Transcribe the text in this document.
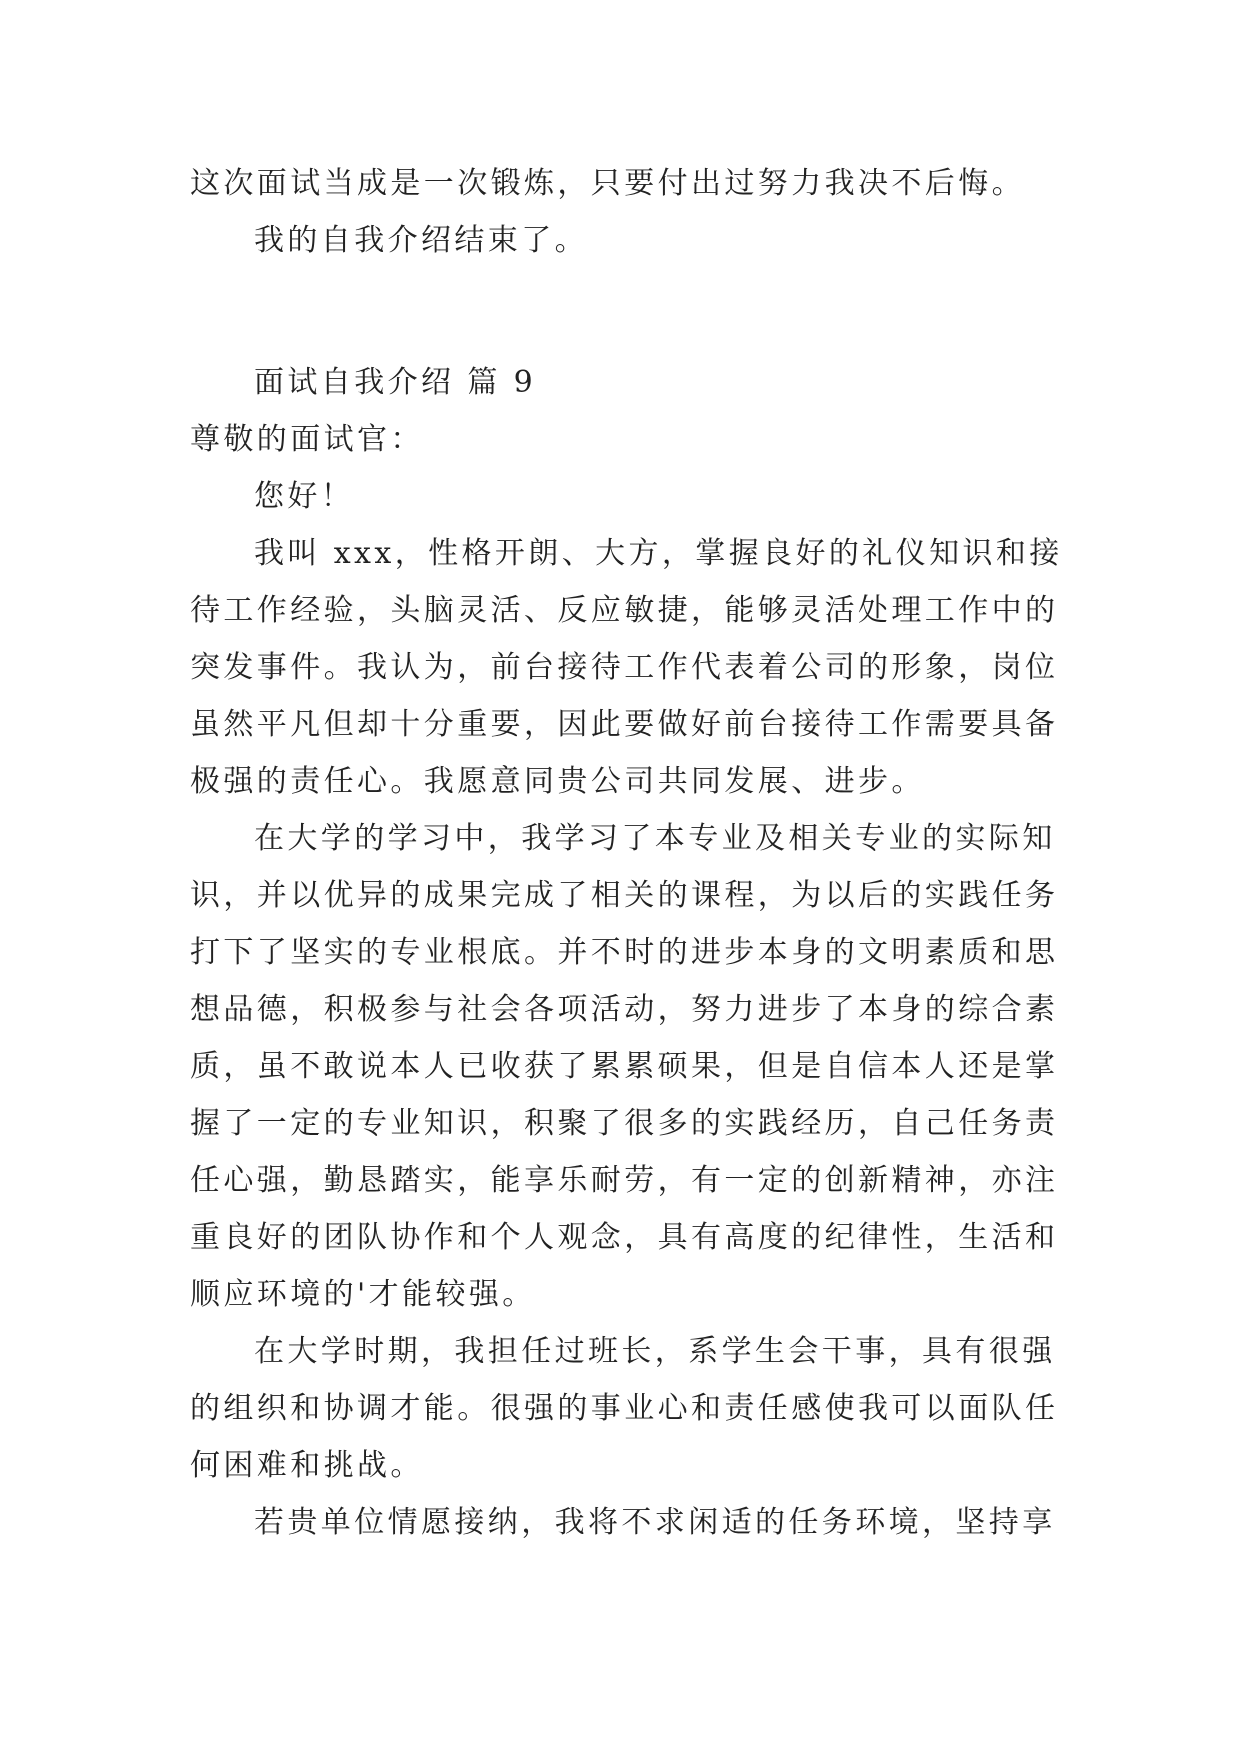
这次面试当成是一次锻炼，只要付出过努力我决不后悔。
我的自我介绍结束了。
面试自我介绍 篇 9
尊敬的面试官：
您好！
我叫 xxx，性格开朗、大方，掌握良好的礼仪知识和接
待工作经验，头脑灵活、反应敏捷，能够灵活处理工作中的
突发事件。我认为，前台接待工作代表着公司的形象，岗位
虽然平凡但却十分重要，因此要做好前台接待工作需要具备
极强的责任心。我愿意同贵公司共同发展、进步。
在大学的学习中，我学习了本专业及相关专业的实际知
识，并以优异的成果完成了相关的课程，为以后的实践任务
打下了坚实的专业根底。并不时的进步本身的文明素质和思
想品德，积极参与社会各项活动，努力进步了本身的综合素
质，虽不敢说本人已收获了累累硕果，但是自信本人还是掌
握了一定的专业知识，积聚了很多的实践经历，自己任务责
任心强，勤恳踏实，能享乐耐劳，有一定的创新精神，亦注
重良好的团队协作和个人观念，具有高度的纪律性，生活和
顺应环境的'才能较强。
在大学时期，我担任过班长，系学生会干事，具有很强
的组织和协调才能。很强的事业心和责任感使我可以面队任
何困难和挑战。
若贵单位情愿接纳，我将不求闲适的任务环境，坚持享
